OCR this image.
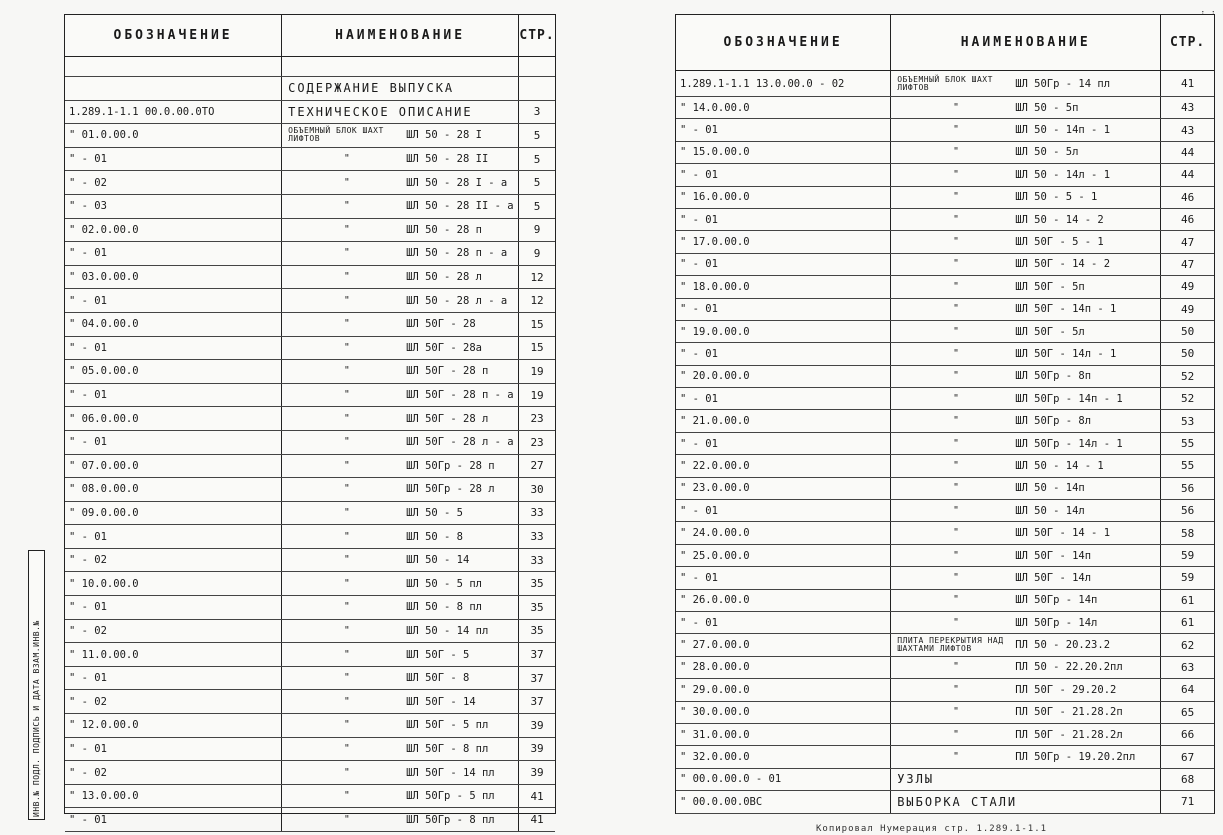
ОБОЗНАЧЕНИЕ	НАИМЕНОВАНИЕ	СТР.
СОДЕРЖАНИЕ ВЫПУСКА
1.289.1-1.1 00.0.00.0ТО	ТЕХНИЧЕСКОЕ ОПИСАНИЕ	3
" 01.0.00.0	ОБЪЕМНЫЙ БЛОК ШАХТ ЛИФТОВ	ШЛ 50 - 28 I	5
" - 01	"	ШЛ 50 - 28 II	5
" - 02	"	ШЛ 50 - 28 I - а	5
" - 03	"	ШЛ 50 - 28 II - а	5
" 02.0.00.0	"	ШЛ 50 - 28 п	9
" - 01	"	ШЛ 50 - 28 п - а	9
" 03.0.00.0	"	ШЛ 50 - 28 л	12
" - 01	"	ШЛ 50 - 28 л - а	12
" 04.0.00.0	"	ШЛ 50Г - 28	15
" - 01	"	ШЛ 50Г - 28а	15
" 05.0.00.0	"	ШЛ 50Г - 28 п	19
" - 01	"	ШЛ 50Г - 28 п - а	19
" 06.0.00.0	"	ШЛ 50Г - 28 л	23
" - 01	"	ШЛ 50Г - 28 л - а	23
" 07.0.00.0	"	ШЛ 50Гр - 28 п	27
" 08.0.00.0	"	ШЛ 50Гр - 28 л	30
" 09.0.00.0	"	ШЛ 50 - 5	33
" - 01	"	ШЛ 50 - 8	33
" - 02	"	ШЛ 50 - 14	33
" 10.0.00.0	"	ШЛ 50 - 5 пл	35
" - 01	"	ШЛ 50 - 8 пл	35
" - 02	"	ШЛ 50 - 14 пл	35
" 11.0.00.0	"	ШЛ 50Г - 5	37
" - 01	"	ШЛ 50Г - 8	37
" - 02	"	ШЛ 50Г - 14	37
" 12.0.00.0	"	ШЛ 50Г - 5 пл	39
" - 01	"	ШЛ 50Г - 8 пл	39
" - 02	"	ШЛ 50Г - 14 пл	39
" 13.0.00.0	"	ШЛ 50Гр - 5 пл	41
" - 01	"	ШЛ 50Гр - 8 пл	41
ОБОЗНАЧЕНИЕ	НАИМЕНОВАНИЕ	СТР.
1.289.1-1.1 13.0.00.0 - 02	ОБЪЕМНЫЙ БЛОК ШАХТ ЛИФТОВ	ШЛ 50Гр - 14 пл	41
" 14.0.00.0	"	ШЛ 50 - 5п	43
" - 01	"	ШЛ 50 - 14п - 1	43
" 15.0.00.0	"	ШЛ 50 - 5л	44
" - 01	"	ШЛ 50 - 14л - 1	44
" 16.0.00.0	"	ШЛ 50 - 5 - 1	46
" - 01	"	ШЛ 50 - 14 - 2	46
" 17.0.00.0	"	ШЛ 50Г - 5 - 1	47
" - 01	"	ШЛ 50Г - 14 - 2	47
" 18.0.00.0	"	ШЛ 50Г - 5п	49
" - 01	"	ШЛ 50Г - 14п - 1	49
" 19.0.00.0	"	ШЛ 50Г - 5л	50
" - 01	"	ШЛ 50Г - 14л - 1	50
" 20.0.00.0	"	ШЛ 50Гр - 8п	52
" - 01	"	ШЛ 50Гр - 14п - 1	52
" 21.0.00.0	"	ШЛ 50Гр - 8л	53
" - 01	"	ШЛ 50Гр - 14л - 1	55
" 22.0.00.0	"	ШЛ 50 - 14 - 1	55
" 23.0.00.0	"	ШЛ 50 - 14п	56
" - 01	"	ШЛ 50 - 14л	56
" 24.0.00.0	"	ШЛ 50Г - 14 - 1	58
" 25.0.00.0	"	ШЛ 50Г - 14п	59
" - 01	"	ШЛ 50Г - 14л	59
" 26.0.00.0	"	ШЛ 50Гр - 14п	61
" - 01	"	ШЛ 50Гр - 14л	61
" 27.0.00.0	ПЛИТА ПЕРЕКРЫТИЯ НАД ШАХТАМИ ЛИФТОВ	ПЛ 50 - 20.23.2	62
" 28.0.00.0	"	ПЛ 50 - 22.20.2пл	63
" 29.0.00.0	"	ПЛ 50Г - 29.20.2	64
" 30.0.00.0	"	ПЛ 50Г - 21.28.2п	65
" 31.0.00.0	"	ПЛ 50Г - 21.28.2л	66
" 32.0.00.0	"	ПЛ 50Гр - 19.20.2пл	67
" 00.0.00.0 - 01	УЗЛЫ	68
" 00.0.00.0ВС	ВЫБОРКА СТАЛИ	71
ИНВ.№ ПОДЛ. ПОДПИСЬ И ДАТА ВЗАМ.ИНВ.№
Копировал Нумерация стр. 1.289.1-1.1
